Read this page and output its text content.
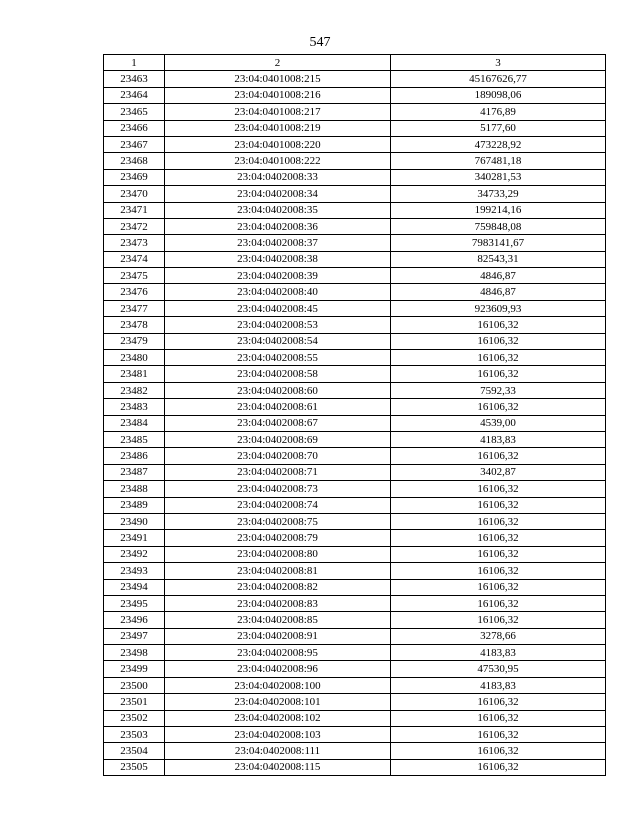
547
1	2	3
23463	23:04:0401008:215	45167626,77
23464	23:04:0401008:216	189098,06
23465	23:04:0401008:217	4176,89
23466	23:04:0401008:219	5177,60
23467	23:04:0401008:220	473228,92
23468	23:04:0401008:222	767481,18
23469	23:04:0402008:33	340281,53
23470	23:04:0402008:34	34733,29
23471	23:04:0402008:35	199214,16
23472	23:04:0402008:36	759848,08
23473	23:04:0402008:37	7983141,67
23474	23:04:0402008:38	82543,31
23475	23:04:0402008:39	4846,87
23476	23:04:0402008:40	4846,87
23477	23:04:0402008:45	923609,93
23478	23:04:0402008:53	16106,32
23479	23:04:0402008:54	16106,32
23480	23:04:0402008:55	16106,32
23481	23:04:0402008:58	16106,32
23482	23:04:0402008:60	7592,33
23483	23:04:0402008:61	16106,32
23484	23:04:0402008:67	4539,00
23485	23:04:0402008:69	4183,83
23486	23:04:0402008:70	16106,32
23487	23:04:0402008:71	3402,87
23488	23:04:0402008:73	16106,32
23489	23:04:0402008:74	16106,32
23490	23:04:0402008:75	16106,32
23491	23:04:0402008:79	16106,32
23492	23:04:0402008:80	16106,32
23493	23:04:0402008:81	16106,32
23494	23:04:0402008:82	16106,32
23495	23:04:0402008:83	16106,32
23496	23:04:0402008:85	16106,32
23497	23:04:0402008:91	3278,66
23498	23:04:0402008:95	4183,83
23499	23:04:0402008:96	47530,95
23500	23:04:0402008:100	4183,83
23501	23:04:0402008:101	16106,32
23502	23:04:0402008:102	16106,32
23503	23:04:0402008:103	16106,32
23504	23:04:0402008:111	16106,32
23505	23:04:0402008:115	16106,32
